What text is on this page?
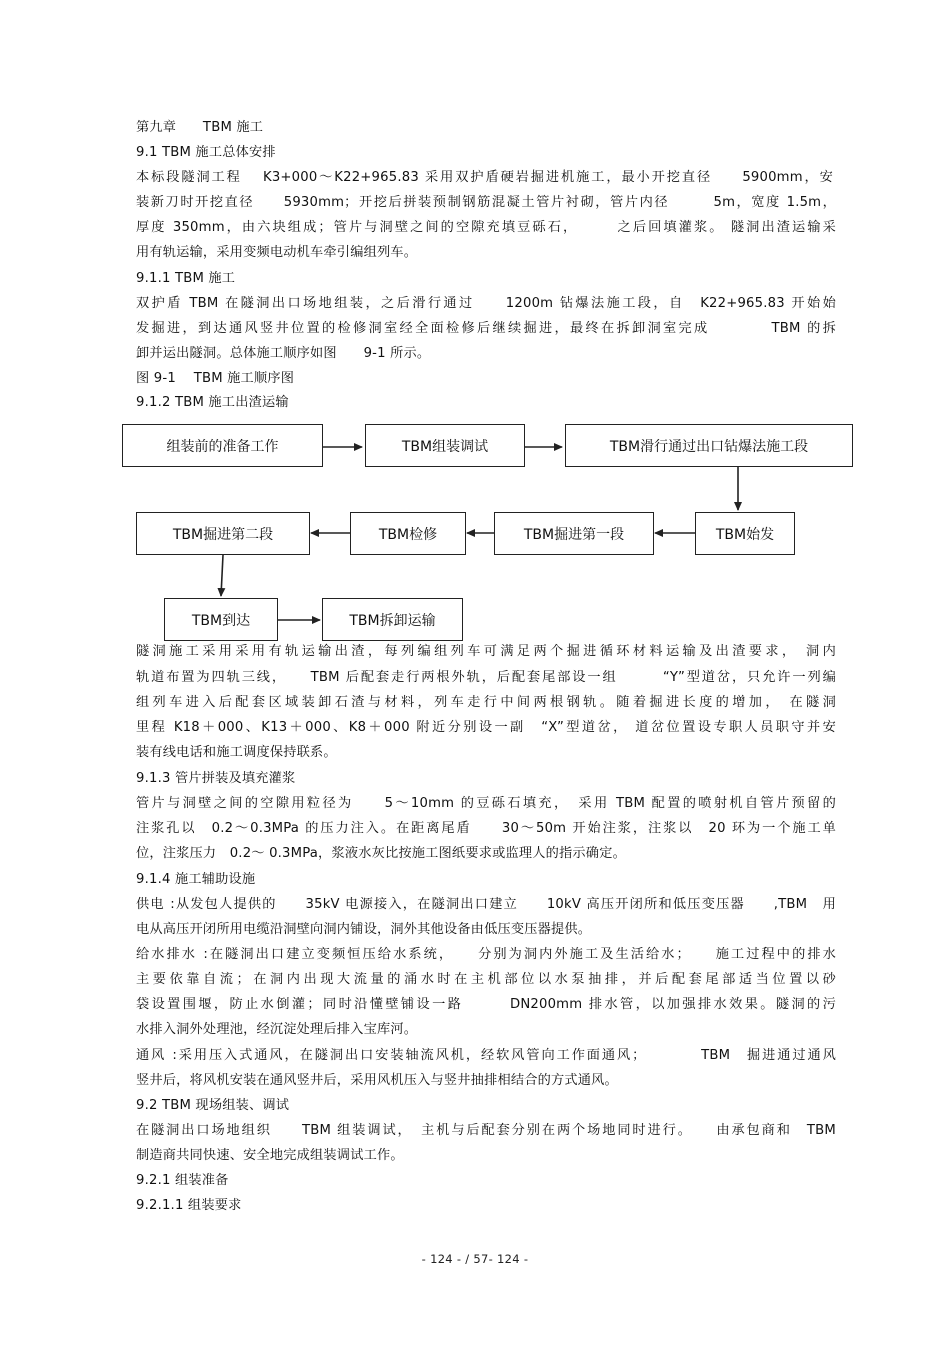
第九章　　TBM 施工
9.1 TBM 施工总体安排
本标段隧洞工程　 K3+000～K22+965.83 采用双护盾硬岩掘进机施工，最小开挖直径　　5900mm，安
装新刀时开挖直径　　5930mm；开挖后拼装预制钢筋混凝土管片衬砌，管片内径　　　5m，宽度 1.5m，
厚度 350mm，由六块组成；管片与洞壁之间的空隙充填豆砾石，　　　之后回填灌浆。 隧洞出渣运输采
用有轨运输，采用变频电动机车牵引编组列车。
9.1.1 TBM 施工
双护盾 TBM 在隧洞出口场地组装，之后滑行通过　　1200m 钻爆法施工段，自　K22+965.83 开始始
发掘进，到达通风竖井位置的检修洞室经全面检修后继续掘进，最终在拆卸洞室完成　　　　TBM 的拆
卸并运出隧洞。总体施工顺序如图　　9-1 所示。
图 9-1　 TBM 施工顺序图
9.1.2 TBM 施工出渣运输
隧洞施工采用采用有轨运输出渣，每列编组列车可满足两个掘进循环材料运输及出渣要求， 洞内
轨道布置为四轨三线，　　TBM 后配套走行两根外轨，后配套尾部设一组　　　“Y”型道岔，只允许一列编
组列车进入后配套区域装卸石渣与材料，列车走行中间两根钢轨。随着掘进长度的增加， 在隧洞
里程 K18＋000、K13＋000、K8＋000 附近分别设一副　“X”型道岔， 道岔位置设专职人员职守并安
装有线电话和施工调度保持联系。
9.1.3 管片拼装及填充灌浆
管片与洞壁之间的空隙用粒径为　　5～10mm 的豆砾石填充，　采用 TBM 配置的喷射机自管片预留的
注浆孔以　0.2～0.3MPa 的压力注入。在距离尾盾　　30～50m 开始注浆，注浆以　20 环为一个施工单
位，注浆压力　0.2～ 0.3MPa，浆液水灰比按施工图纸要求或监理人的指示确定。
9.1.4 施工辅助设施
供电 :从发包人提供的　　35kV 电源接入，在隧洞出口建立　　10kV 高压开闭所和低压变压器　　,TBM　用
电从高压开闭所用电缆沿洞壁向洞内铺设，洞外其他设备由低压变压器提供。
给水排水 :在隧洞出口建立变频恒压给水系统，　　分别为洞内外施工及生活给水；　　施工过程中的排水
主要依靠自流；在洞内出现大流量的涌水时在主机部位以水泵抽排，并后配套尾部适当位置以砂
袋设置围堰，防止水倒灌；同时沿懂壁铺设一路　　　DN200mm 排水管，以加强排水效果。隧洞的污
水排入洞外处理池，经沉淀处理后排入宝库河。
通风 :采用压入式通风，在隧洞出口安装轴流风机，经软风管向工作面通风；　　　　TBM　掘进通过通风
竖井后，将风机安装在通风竖井后，采用风机压入与竖井抽排相结合的方式通风。
9.2 TBM 现场组装、调试
在隧洞出口场地组织　　TBM 组装调试，　主机与后配套分别在两个场地同时进行。　　由承包商和　TBM
制造商共同快速、安全地完成组装调试工作。
9.2.1 组装准备
9.2.1.1 组装要求
组装前的准备工作	TBM组装调试	TBM滑行通过出口钻爆法施工段
TBM始发
TBM掘进第一段
TBM检修
TBM掘进第二段
TBM到达	TBM拆卸运输
- 124 - / 57- 124 -
